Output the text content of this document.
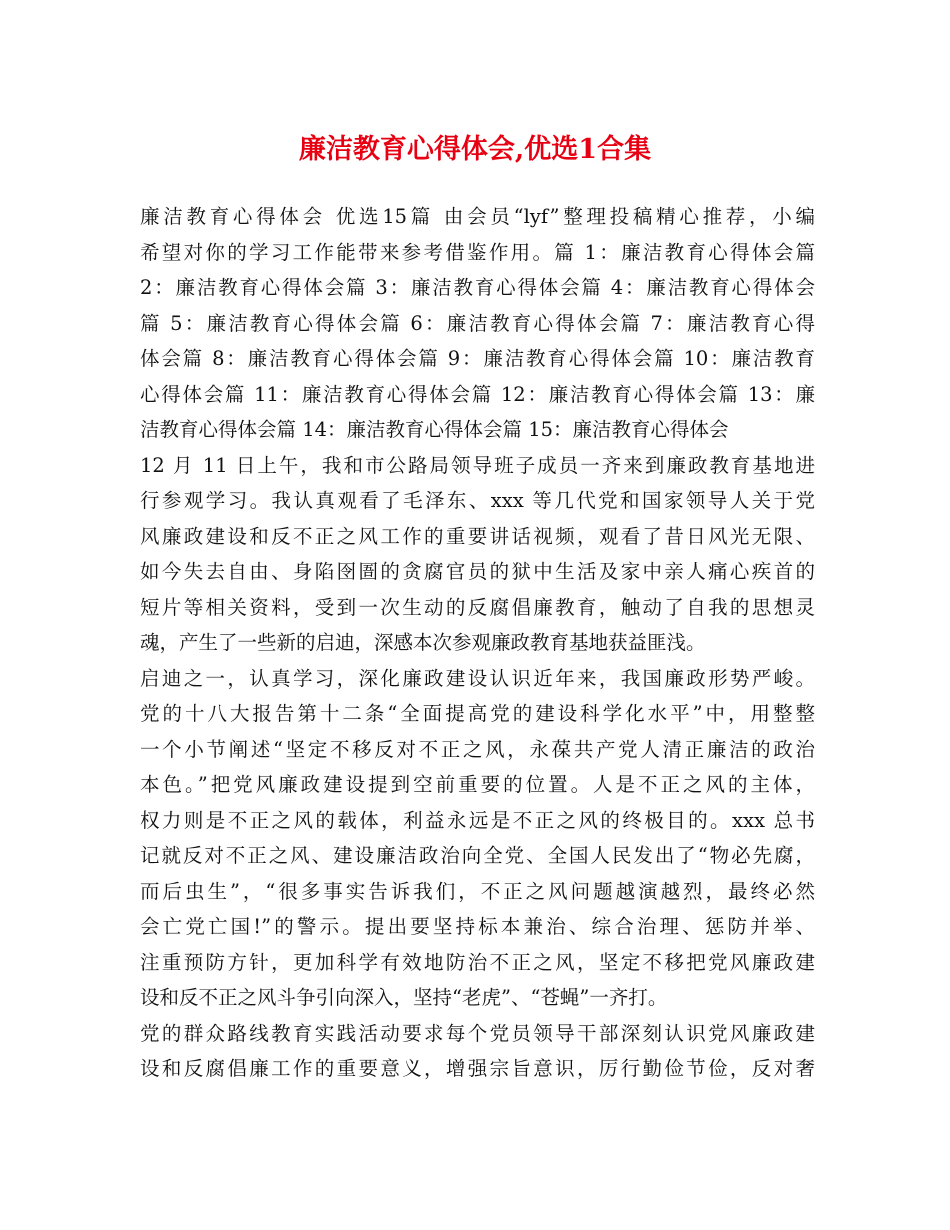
廉洁教育心得体会,优选1合集
廉洁教育心得体会 优选15篇 由会员“lyf”整理投稿精心推荐，小编
希望对你的学习工作能带来参考借鉴作用。篇 1：廉洁教育心得体会篇
2：廉洁教育心得体会篇 3：廉洁教育心得体会篇 4：廉洁教育心得体会
篇 5：廉洁教育心得体会篇 6：廉洁教育心得体会篇 7：廉洁教育心得
体会篇 8：廉洁教育心得体会篇 9：廉洁教育心得体会篇 10：廉洁教育
心得体会篇 11：廉洁教育心得体会篇 12：廉洁教育心得体会篇 13：廉
洁教育心得体会篇 14：廉洁教育心得体会篇 15：廉洁教育心得体会
12 月 11 日上午，我和市公路局领导班子成员一齐来到廉政教育基地进
行参观学习。我认真观看了毛泽东、xxx 等几代党和国家领导人关于党
风廉政建设和反不正之风工作的重要讲话视频，观看了昔日风光无限、
如今失去自由、身陷囹圄的贪腐官员的狱中生活及家中亲人痛心疾首的
短片等相关资料，受到一次生动的反腐倡廉教育，触动了自我的思想灵
魂，产生了一些新的启迪，深感本次参观廉政教育基地获益匪浅。
启迪之一，认真学习，深化廉政建设认识近年来，我国廉政形势严峻。
党的十八大报告第十二条“全面提高党的建设科学化水平”中，用整整
一个小节阐述“坚定不移反对不正之风，永葆共产党人清正廉洁的政治
本色。”把党风廉政建设提到空前重要的位置。人是不正之风的主体，
权力则是不正之风的载体，利益永远是不正之风的终极目的。xxx 总书
记就反对不正之风、建设廉洁政治向全党、全国人民发出了“物必先腐，
而后虫生”，“很多事实告诉我们，不正之风问题越演越烈，最终必然
会亡党亡国!”的警示。提出要坚持标本兼治、综合治理、惩防并举、
注重预防方针，更加科学有效地防治不正之风，坚定不移把党风廉政建
设和反不正之风斗争引向深入，坚持“老虎”、“苍蝇”一齐打。
党的群众路线教育实践活动要求每个党员领导干部深刻认识党风廉政建
设和反腐倡廉工作的重要意义，增强宗旨意识，厉行勤俭节俭，反对奢
